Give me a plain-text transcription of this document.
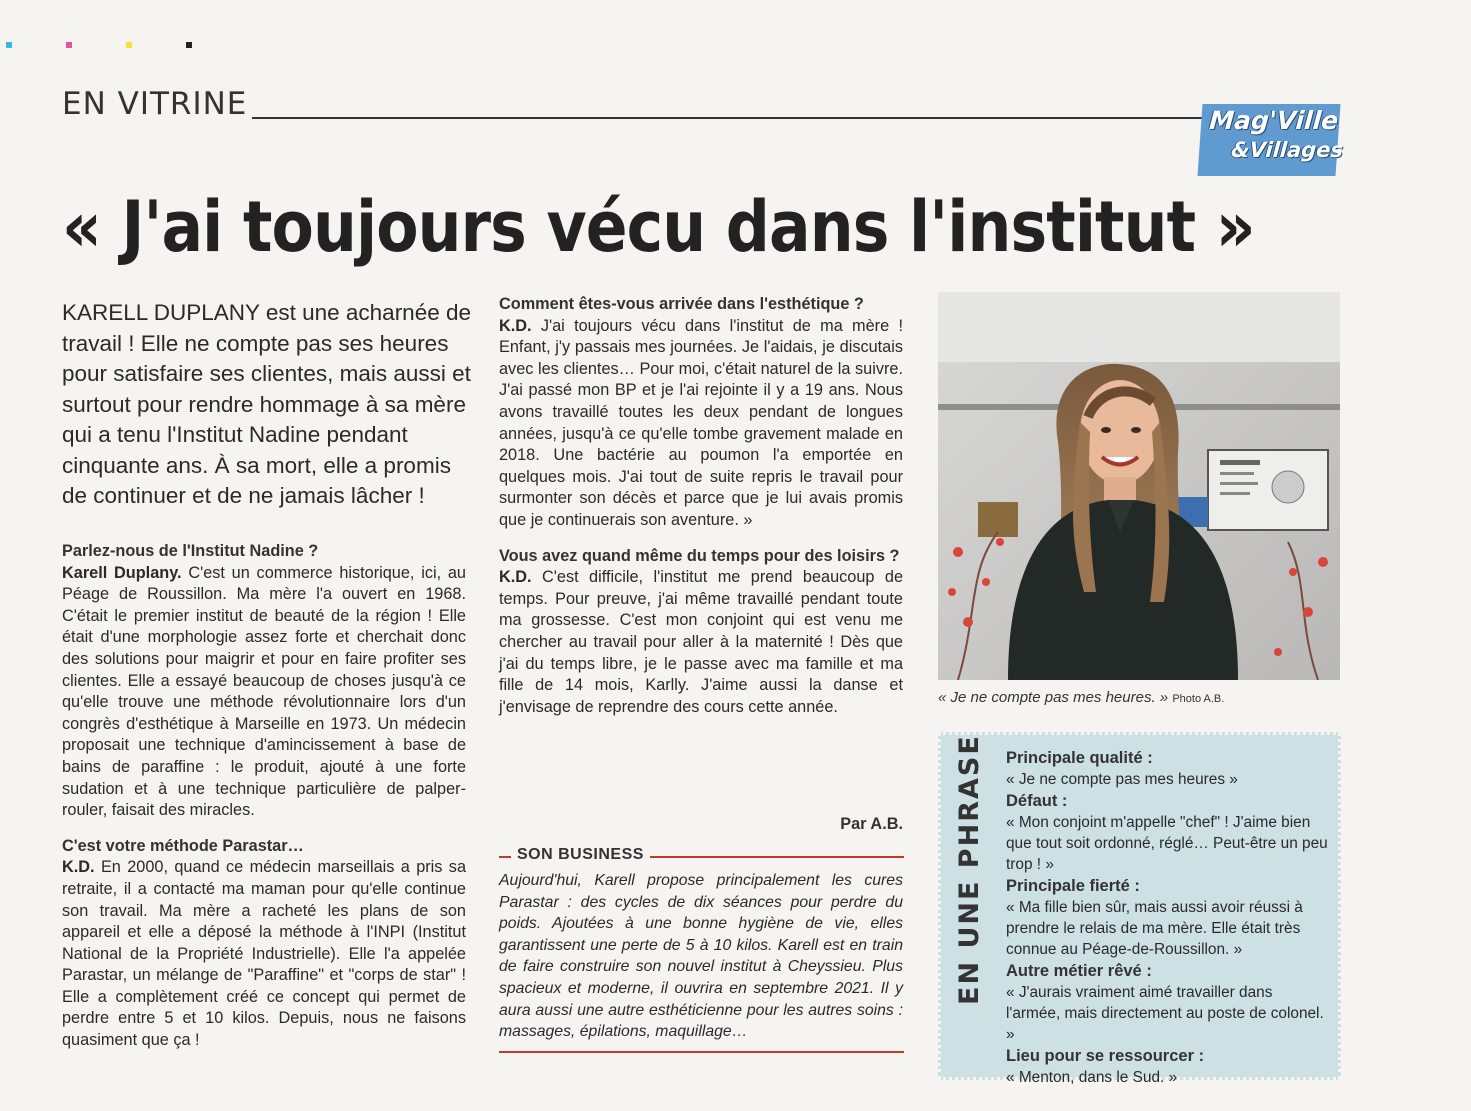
EN VITRINE	Mag'Ville
&Villages
« J'ai toujours vécu dans l'institut »
KARELL DUPLANY est une acharnée de travail ! Elle ne compte pas ses heures pour satisfaire ses clientes, mais aussi et surtout pour rendre hommage à sa mère qui a tenu l'Institut Nadine pendant cinquante ans. À sa mort, elle a promis de continuer et de ne jamais lâcher !

Parlez-nous de l'Institut Nadine ?

Karell Duplany. C'est un commerce historique, ici, au Péage de Roussillon. Ma mère l'a ouvert en 1968. C'était le premier institut de beauté de la région ! Elle était d'une morphologie assez forte et cherchait donc des solutions pour maigrir et pour en faire profiter ses clientes. Elle a essayé beaucoup de choses jusqu'à ce qu'elle trouve une méthode révolutionnaire lors d'un congrès d'esthétique à Marseille en 1973. Un médecin proposait une technique d'amincissement à base de bains de paraffine : le produit, ajouté à une forte sudation et à une technique particulière de palper-rouler, faisait des miracles.

C'est votre méthode Parastar…

K.D. En 2000, quand ce médecin marseillais a pris sa retraite, il a contacté ma maman pour qu'elle continue son travail. Ma mère a racheté les plans de son appareil et elle a déposé la méthode à l'INPI (Institut National de la Propriété Industrielle). Elle l'a appelée Parastar, un mélange de "Paraffine" et "corps de star" ! Elle a complètement créé ce concept qui permet de perdre entre 5 et 10 kilos. Depuis, nous ne faisons quasiment que ça !

Comment êtes-vous arrivée dans l'esthétique ?

K.D. J'ai toujours vécu dans l'institut de ma mère ! Enfant, j'y passais mes journées. Je l'aidais, je discutais avec les clientes… Pour moi, c'était naturel de la suivre. J'ai passé mon BP et je l'ai rejointe il y a 19 ans. Nous avons travaillé toutes les deux pendant de longues années, jusqu'à ce qu'elle tombe gravement malade en 2018. Une bactérie au poumon l'a emportée en quelques mois. J'ai tout de suite repris le travail pour surmonter son décès et parce que je lui avais promis que je continuerais son aventure. »

Vous avez quand même du temps pour des loisirs ?

K.D. C'est difficile, l'institut me prend beaucoup de temps. Pour preuve, j'ai même travaillé pendant toute ma grossesse. C'est mon conjoint qui est venu me chercher au travail pour aller à la maternité ! Dès que j'ai du temps libre, je le passe avec ma famille et ma fille de 14 mois, Karlly. J'aime aussi la danse et j'envisage de reprendre des cours cette année.

Par A.B.
SON BUSINESS
Aujourd'hui, Karell propose principalement les cures Parastar : des cycles de dix séances pour perdre du poids. Ajoutées à une bonne hygiène de vie, elles garantissent une perte de 5 à 10 kilos. Karell est en train de faire construire son nouvel institut à Cheyssieu. Plus spacieux et moderne, il ouvrira en septembre 2021. Il y aura aussi une autre esthéticienne pour les autres soins : massages, épilations, maquillage…
« Je ne compte pas mes heures. » Photo A.B.
EN UNE PHRASE Principale qualité :
« Je ne compte pas mes heures »
Défaut :
« Mon conjoint m'appelle "chef" ! J'aime bien que tout soit ordonné, réglé… Peut-être un peu trop ! »
Principale fierté :
« Ma fille bien sûr, mais aussi avoir réussi à prendre le relais de ma mère. Elle était très connue au Péage-de-Roussillon. »
Autre métier rêvé :
« J'aurais vraiment aimé travailler dans l'armée, mais directement au poste de colonel. »
Lieu pour se ressourcer :
« Menton, dans le Sud. »
